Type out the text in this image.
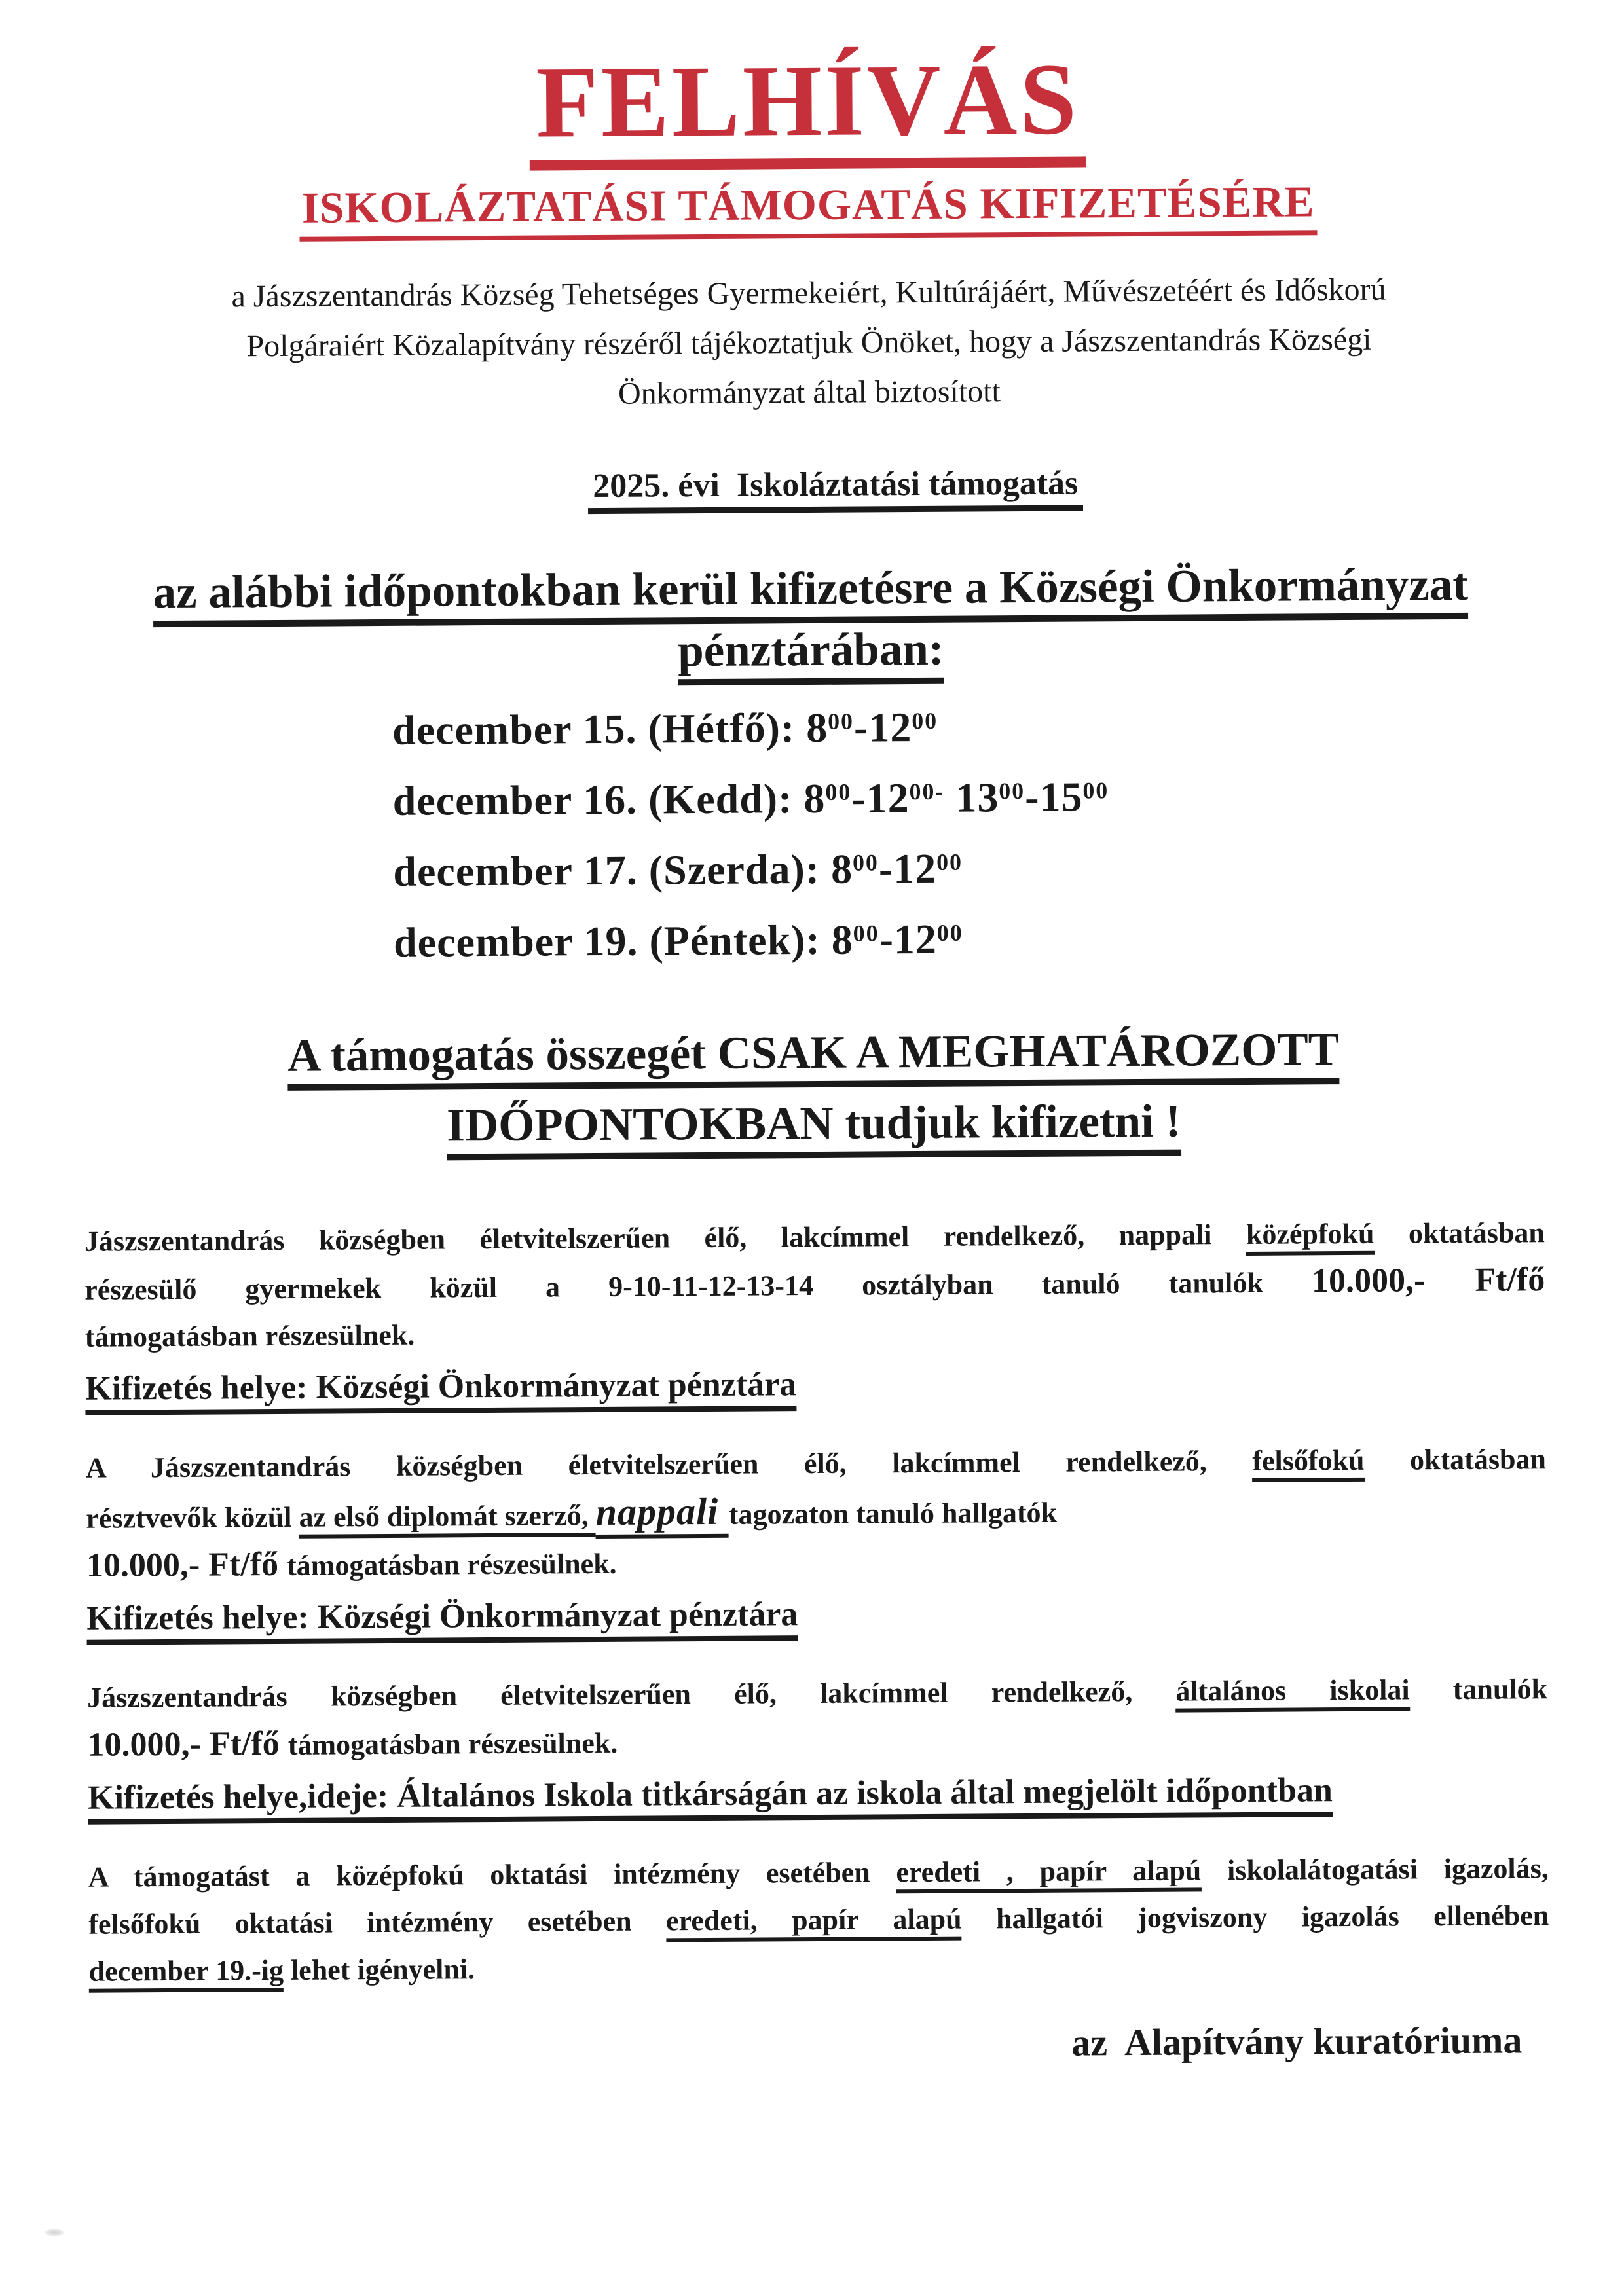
FELHÍVÁS
ISKOLÁZTATÁSI TÁMOGATÁS KIFIZETÉSÉRE
a Jászszentandrás Község Tehetséges Gyermekeiért, Kultúrájáért, Művészetéért és Időskorú
Polgáraiért Közalapítvány részéről tájékoztatjuk Önöket, hogy a Jászszentandrás Községi
Önkormányzat által biztosított

2025. évi  Iskoláztatási támogatás

az alábbi időpontokban kerül kifizetésre a Községi Önkormányzat
pénztárában:
december 15. (Hétfő): $8^{00}-12^{00}$
december 16. (Kedd): $8^{00}-12^{00-}$ $13^{00}-15^{00}$
december 17. (Szerda): $8^{00}-12^{00}$
december 19. (Péntek): $8^{00}-12^{00}$
A támogatás összegét CSAK A MEGHATÁROZOTT
IDŐPONTOKBAN tudjuk kifizetni !
Jászszentandrás községben életvitelszerűen élő, lakcímmel rendelkező, nappali középfokú oktatásban
részesülő gyermekek közül a 9-10-11-12-13-14 osztályban tanuló tanulók 10.000,- Ft/fő
támogatásban részesülnek.
Kifizetés helye: Községi Önkormányzat pénztára
A Jászszentandrás községben életvitelszerűen élő, lakcímmel rendelkező, felsőfokú oktatásban
résztvevők közül az első diplomát szerző, nappali tagozaton tanuló hallgatók
10.000,- Ft/fő támogatásban részesülnek.
Kifizetés helye: Községi Önkormányzat pénztára
Jászszentandrás községben életvitelszerűen élő, lakcímmel rendelkező, általános iskolai tanulók
10.000,- Ft/fő támogatásban részesülnek.
Kifizetés helye,ideje: Általános Iskola titkárságán az iskola által megjelölt időpontban
A támogatást a középfokú oktatási intézmény esetében eredeti , papír alapú iskolalátogatási igazolás,
felsőfokú oktatási intézmény esetében eredeti, papír alapú hallgatói jogviszony igazolás ellenében
december 19.-ig lehet igényelni.
az  Alapítvány kuratóriuma
